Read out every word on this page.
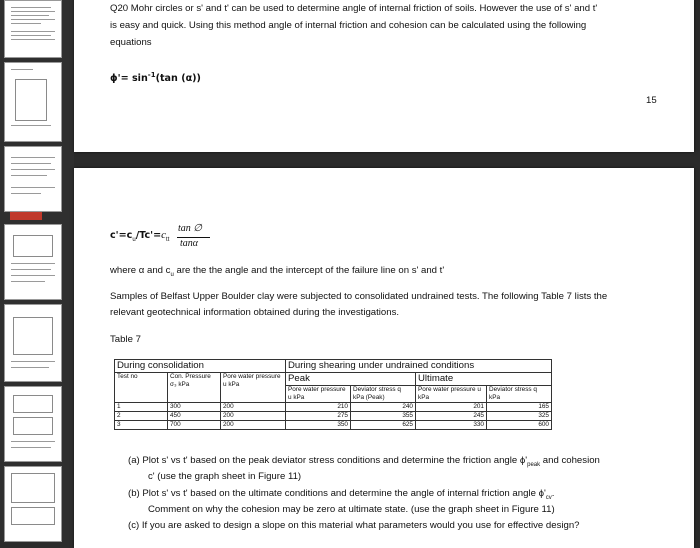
Q20 Mohr circles or s' and t' can be used to determine angle of internal friction of soils. However the use of s' and t'
is easy and quick. Using this method angle of internal friction and cohesion can be calculated using the following
equations
$\phi'= \sin^{-1}(\tan$ (α))
15
$c'=c_u/Tc'=c_{tt}$
tan ∅
tanα
where α and $c_u$ are the the angle and the intercept of the failure line on s' and t'
Samples of Belfast Upper Boulder clay were subjected to consolidated undrained tests. The following Table 7 lists the
relevant geotechnical information obtained during the investigations.
Table 7
During consolidation			During shearing under undrained conditions			
Test no	Con. Pressure σ₃ kPa	Pore water pressure u kPa	Peak		Ultimate	
			Pore water pressure u kPa	Deviator stress q kPa (Peak)	Pore water pressure u kPa	Deviator stress q kPa
1	300	200	210	240	201	165
2	450	200	275	355	245	325
3	700	200	350	625	330	600
(a) Plot s' vs t' based on the peak deviator stress conditions and determine the friction angle $\phi'_{peak}$ and cohesion
c' (use the graph sheet in Figure 11)
(b) Plot s' vs t' based on the ultimate conditions and determine the angle of internal friction angle $\phi'_{cv}$.
Comment on why the cohesion may be zero at ultimate state. (use the graph sheet in Figure 11)
(c) If you are asked to design a slope on this material what parameters would you use for effective design?
